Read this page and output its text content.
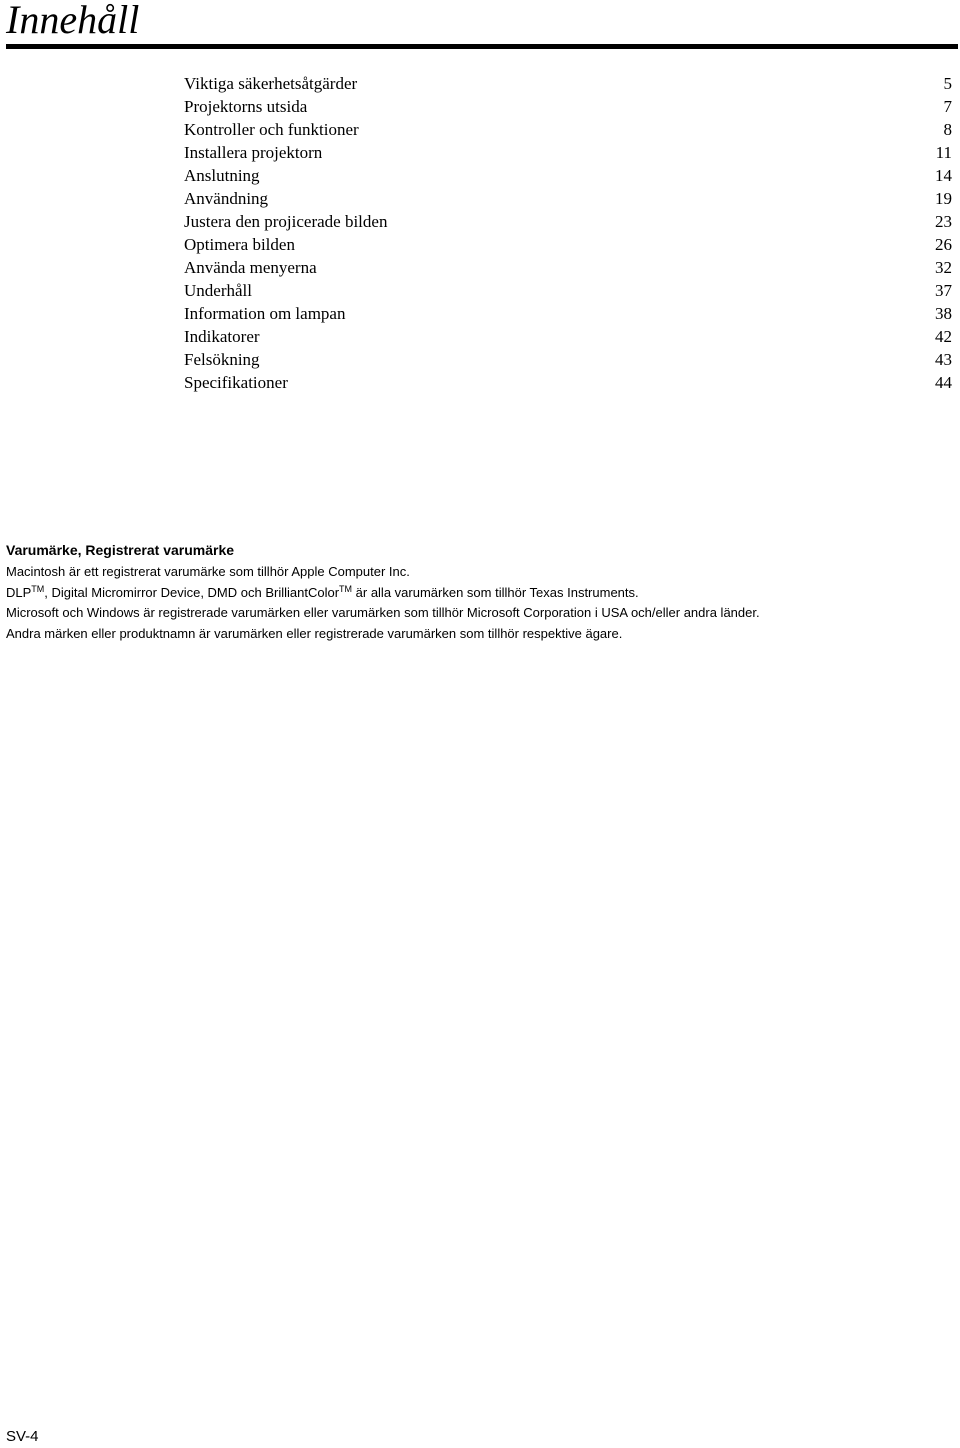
Innehåll
Viktiga säkerhetsåtgärder	5
Projektorns utsida	7
Kontroller och funktioner	8
Installera projektorn	11
Anslutning	14
Användning	19
Justera den projicerade bilden	23
Optimera bilden	26
Använda menyerna	32
Underhåll	37
Information om lampan	38
Indikatorer	42
Felsökning	43
Specifikationer	44

Varumärke, Registrerat varumärke

Macintosh är ett registrerat varumärke som tillhör Apple Computer Inc.

DLP™, Digital Micromirror Device, DMD och BrilliantColor™ är alla varumärken som tillhör Texas Instruments.

Microsoft och Windows är registrerade varumärken eller varumärken som tillhör Microsoft Corporation i USA och/eller andra länder.

Andra märken eller produktnamn är varumärken eller registrerade varumärken som tillhör respektive ägare.

SV-4
